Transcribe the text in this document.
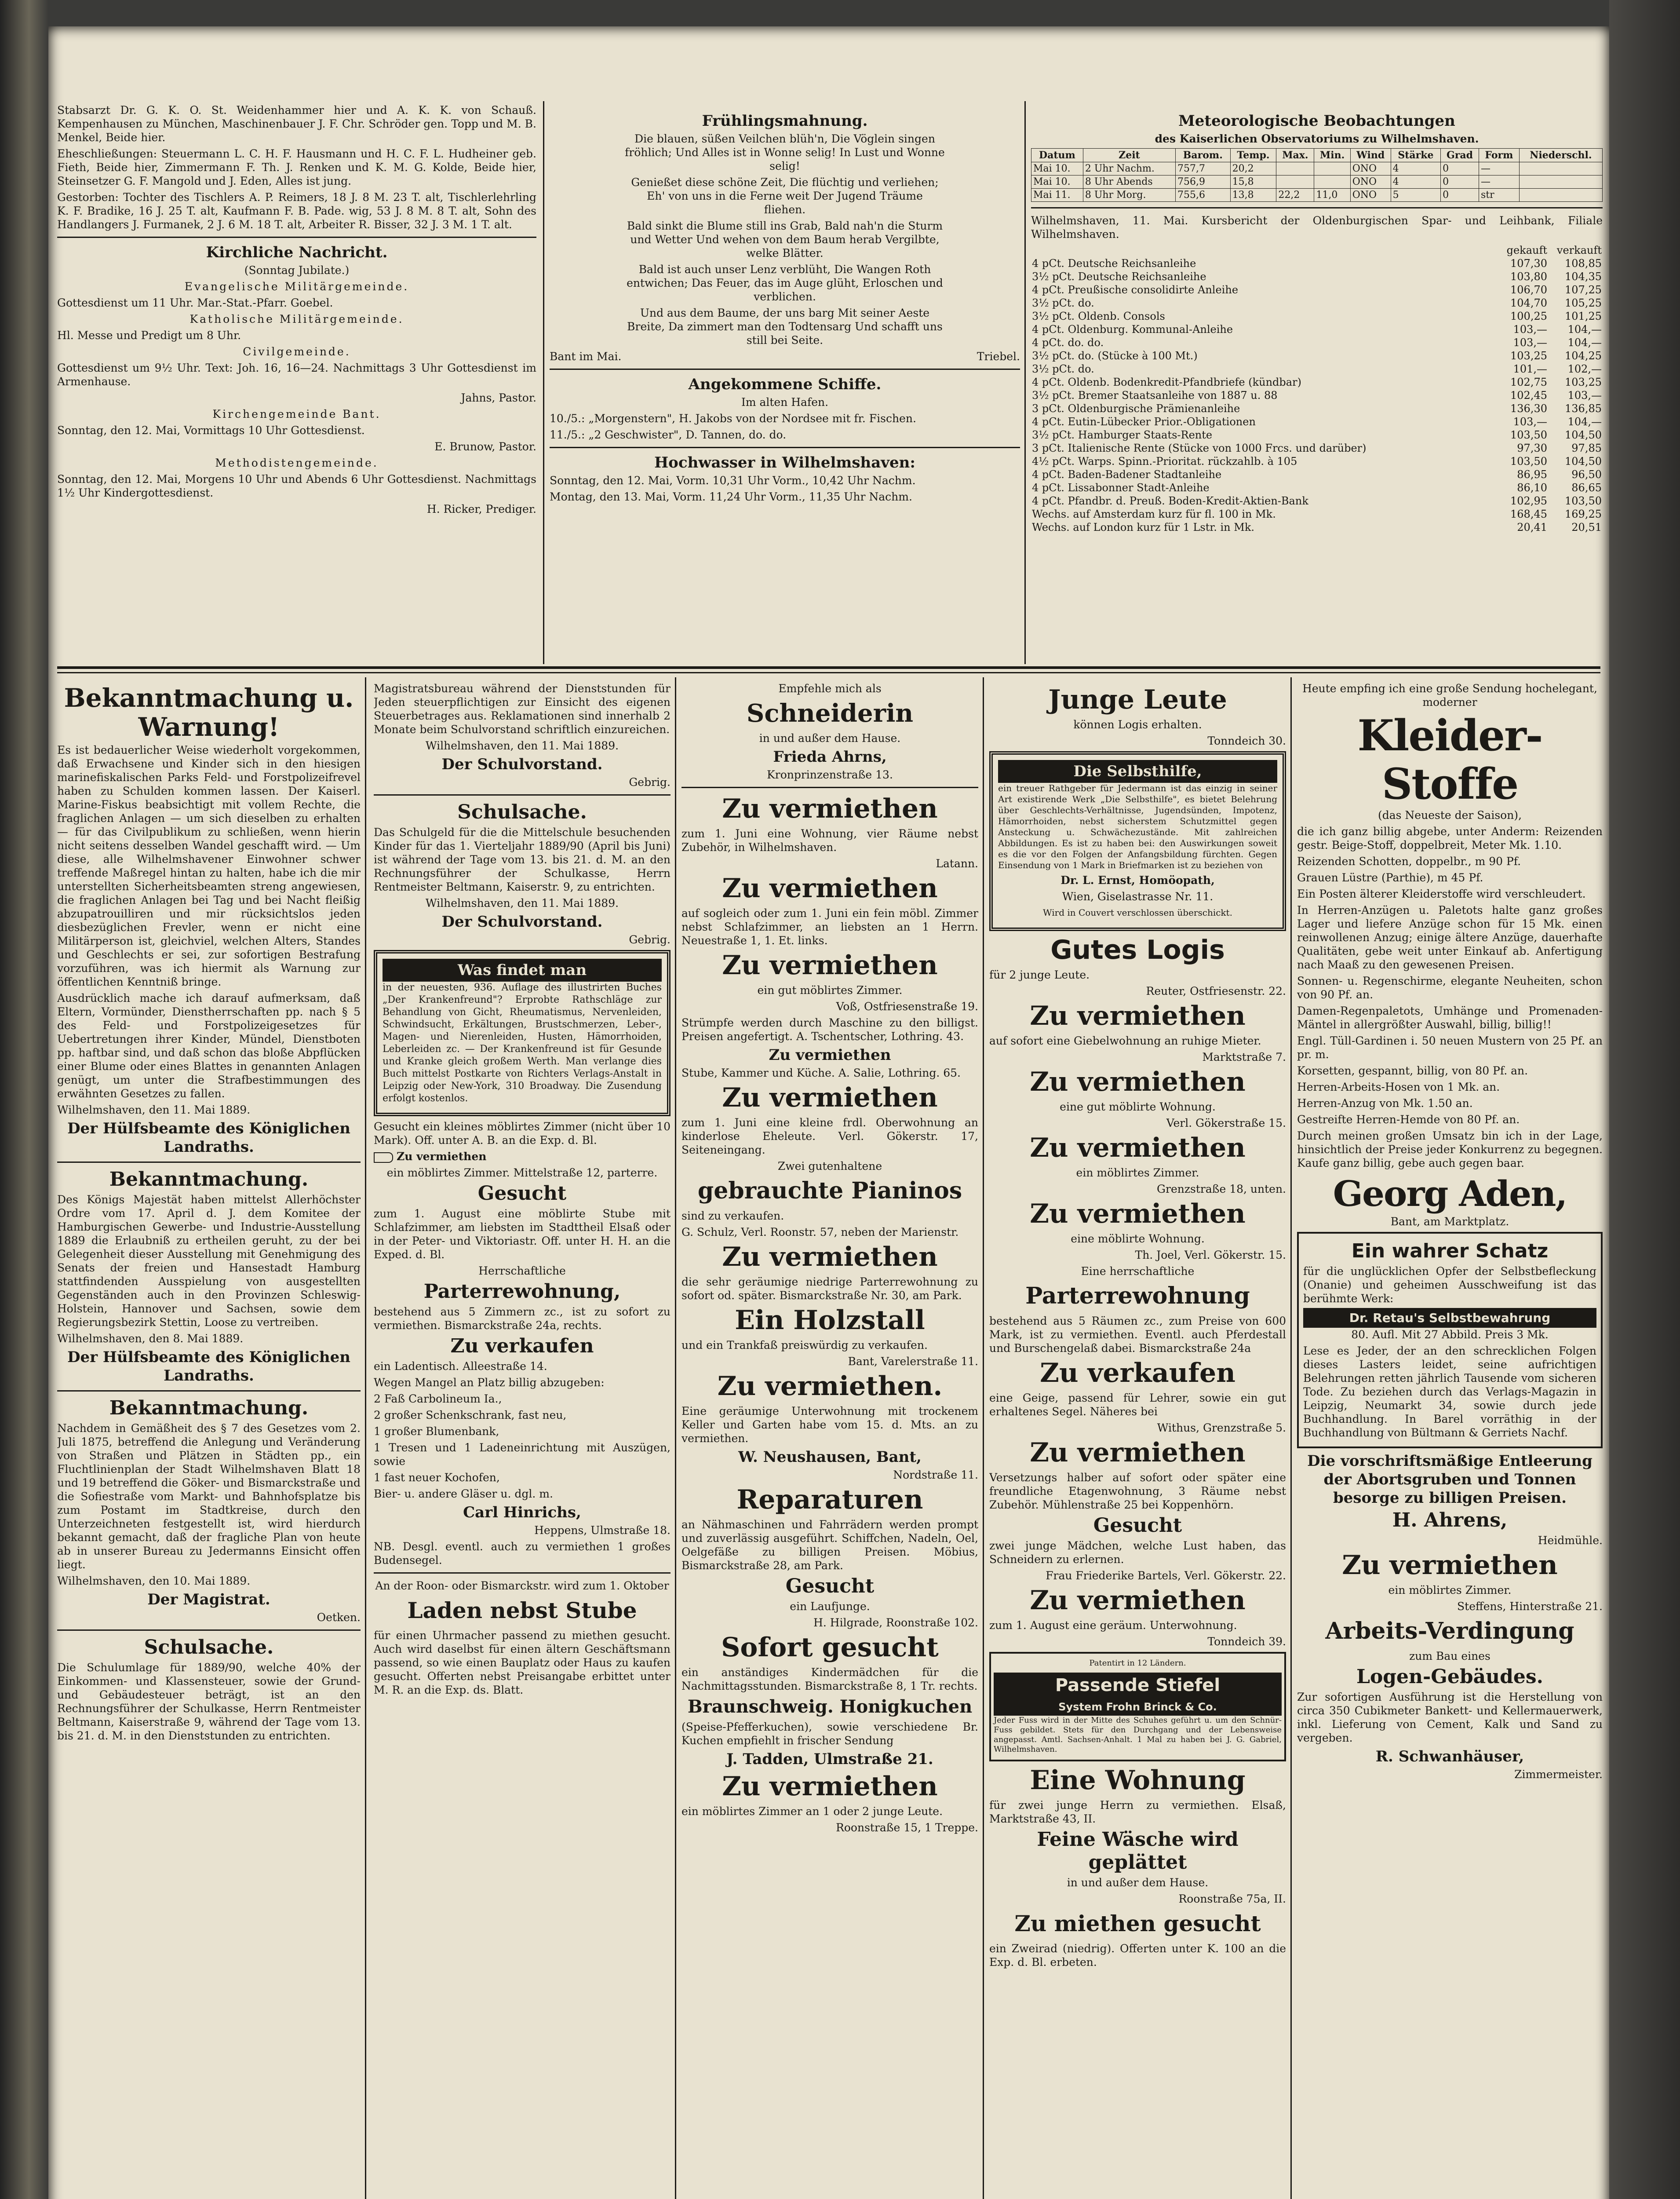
Stabsarzt Dr. G. K. O. St. Weidenhammer hier und A. K. K. von Schauß. Kempenhausen zu München, Maschinenbauer J. F. Chr. Schröder gen. Topp und M. B. Menkel, Beide hier.

Eheschließungen: Steuermann L. C. H. F. Hausmann und H. C. F. L. Hudheiner geb. Fieth, Beide hier, Zimmermann F. Th. J. Renken und K. M. G. Kolde, Beide hier, Steinsetzer G. F. Mangold und J. Eden, Alles ist jung.

Gestorben: Tochter des Tischlers A. P. Reimers, 18 J. 8 M. 23 T. alt, Tischlerlehrling K. F. Bradike, 16 J. 25 T. alt, Kaufmann F. B. Pade. wig, 53 J. 8 M. 8 T. alt, Sohn des Handlangers J. Furmanek, 2 J. 6 M. 18 T. alt, Arbeiter R. Bisser, 32 J. 3 M. 1 T. alt.

Kirchliche Nachricht.
(Sonntag Jubilate.)
Evangelische Militärgemeinde.
Gottesdienst um 11 Uhr. Mar.-Stat.-Pfarr. Goebel.
Katholische Militärgemeinde.
Hl. Messe und Predigt um 8 Uhr.
Civilgemeinde.
Gottesdienst um 9½ Uhr. Text: Joh. 16, 16—24. Nachmittags 3 Uhr Gottesdienst im Armenhause.
Jahns, Pastor.
Kirchengemeinde Bant.
Sonntag, den 12. Mai, Vormittags 10 Uhr Gottesdienst.
E. Brunow, Pastor.
Methodistengemeinde.
Sonntag, den 12. Mai, Morgens 10 Uhr und Abends 6 Uhr Gottesdienst. Nachmittags 1½ Uhr Kindergottesdienst.
H. Ricker, Prediger.
Frühlingsmahnung.

Die blauen, süßen Veilchen blüh'n, Die Vöglein singen fröhlich; Und Alles ist in Wonne selig! In Lust und Wonne selig!

Genießet diese schöne Zeit, Die flüchtig und verliehen; Eh' von uns in die Ferne weit Der Jugend Träume fliehen.

Bald sinkt die Blume still ins Grab, Bald nah'n die Sturm und Wetter Und wehen von dem Baum herab Vergilbte, welke Blätter.

Bald ist auch unser Lenz verblüht, Die Wangen Roth entwichen; Das Feuer, das im Auge glüht, Erloschen und verblichen.

Und aus dem Baume, der uns barg Mit seiner Aeste Breite, Da zimmert man den Todtensarg Und schafft uns still bei Seite.

Bant im Mai.	Triebel.
Angekommene Schiffe.
Im alten Hafen.
10./5.: „Morgenstern", H. Jakobs von der Nordsee mit fr. Fischen.
11./5.: „2 Geschwister", D. Tannen, do. do.
Hochwasser in Wilhelmshaven:
Sonntag, den 12. Mai, Vorm. 10,31 Uhr Vorm., 10,42 Uhr Nachm.
Montag, den 13. Mai, Vorm. 11,24 Uhr Vorm., 11,35 Uhr Nachm.
Meteorologische Beobachtungen
des Kaiserlichen Observatoriums zu Wilhelmshaven.
Datum	Zeit	Barom.	Temp.	Max.	Min.	Wind	Stärke	Grad	Form	Niederschl.
Mai 10.	2 Uhr Nachm.	757,7	20,2			ONO	4	0	—	
Mai 10.	8 Uhr Abends	756,9	15,8			ONO	4	0	—	
Mai 11.	8 Uhr Morg.	755,6	13,8	22,2	11,0	ONO	5	0	str	
Wilhelmshaven, 11. Mai. Kursbericht der Oldenburgischen Spar- und Leihbank, Filiale Wilhelmshaven.
	gekauft	verkauft
4 pCt. Deutsche Reichsanleihe	107,30	108,85
3½ pCt. Deutsche Reichsanleihe	103,80	104,35
4 pCt. Preußische consolidirte Anleihe	106,70	107,25
3½ pCt. do.	104,70	105,25
3½ pCt. Oldenb. Consols	100,25	101,25
4 pCt. Oldenburg. Kommunal-Anleihe	103,—	104,—
4 pCt. do. do.	103,—	104,—
3½ pCt. do. (Stücke à 100 Mt.)	103,25	104,25
3½ pCt. do.	101,—	102,—
4 pCt. Oldenb. Bodenkredit-Pfandbriefe (kündbar)	102,75	103,25
3½ pCt. Bremer Staatsanleihe von 1887 u. 88	102,45	103,—
3 pCt. Oldenburgische Prämienanleihe	136,30	136,85
4 pCt. Eutin-Lübecker Prior.-Obligationen	103,—	104,—
3½ pCt. Hamburger Staats-Rente	103,50	104,50
3 pCt. Italienische Rente (Stücke von 1000 Frcs. und darüber)	97,30	97,85
4½ pCt. Warps. Spinn.-Prioritat. rückzahlb. à 105	103,50	104,50
4 pCt. Baden-Badener Stadtanleihe	86,95	96,50
4 pCt. Lissabonner Stadt-Anleihe	86,10	86,65
4 pCt. Pfandbr. d. Preuß. Boden-Kredit-Aktien-Bank	102,95	103,50
Wechs. auf Amsterdam kurz für fl. 100 in Mk.	168,45	169,25
Wechs. auf London kurz für 1 Lstr. in Mk.	20,41	20,51
Bekanntmachung u. Warnung!

Es ist bedauerlicher Weise wiederholt vorgekommen, daß Erwachsene und Kinder sich in den hiesigen marinefiskalischen Parks Feld- und Forstpolizeifrevel haben zu Schulden kommen lassen. Der Kaiserl. Marine-Fiskus beabsichtigt mit vollem Rechte, die fraglichen Anlagen — um sich dieselben zu erhalten — für das Civilpublikum zu schließen, wenn hierin nicht seitens desselben Wandel geschafft wird. — Um diese, alle Wilhelmshavener Einwohner schwer treffende Maßregel hintan zu halten, habe ich die mir unterstellten Sicherheitsbeamten streng angewiesen, die fraglichen Anlagen bei Tag und bei Nacht fleißig abzupatrouilliren und mir rücksichtslos jeden diesbezüglichen Frevler, wenn er nicht eine Militärperson ist, gleichviel, welchen Alters, Standes und Geschlechts er sei, zur sofortigen Bestrafung vorzuführen, was ich hiermit als Warnung zur öffentlichen Kenntniß bringe.

Ausdrücklich mache ich darauf aufmerksam, daß Eltern, Vormünder, Dienstherrschaften pp. nach § 5 des Feld- und Forstpolizeigesetzes für Uebertretungen ihrer Kinder, Mündel, Dienstboten pp. haftbar sind, und daß schon das bloße Abpflücken einer Blume oder eines Blattes in genannten Anlagen genügt, um unter die Strafbestimmungen des erwähnten Gesetzes zu fallen.

Wilhelmshaven, den 11. Mai 1889.
Der Hülfsbeamte des Königlichen Landraths.
Bekanntmachung.

Des Königs Majestät haben mittelst Allerhöchster Ordre vom 17. April d. J. dem Komitee der Hamburgischen Gewerbe- und Industrie-Ausstellung 1889 die Erlaubniß zu ertheilen geruht, zu der bei Gelegenheit dieser Ausstellung mit Genehmigung des Senats der freien und Hansestadt Hamburg stattfindenden Ausspielung von ausgestellten Gegenständen auch in den Provinzen Schleswig-Holstein, Hannover und Sachsen, sowie dem Regierungsbezirk Stettin, Loose zu vertreiben.

Wilhelmshaven, den 8. Mai 1889.
Der Hülfsbeamte des Königlichen Landraths.
Bekanntmachung.

Nachdem in Gemäßheit des § 7 des Gesetzes vom 2. Juli 1875, betreffend die Anlegung und Veränderung von Straßen und Plätzen in Städten pp., ein Fluchtlinienplan der Stadt Wilhelmshaven Blatt 18 und 19 betreffend die Göker- und Bismarckstraße und die Sofiestraße vom Markt- und Bahnhofsplatze bis zum Postamt im Stadtkreise, durch den Unterzeichneten festgestellt ist, wird hierdurch bekannt gemacht, daß der fragliche Plan von heute ab in unserer Bureau zu Jedermanns Einsicht offen liegt.

Wilhelmshaven, den 10. Mai 1889.
Der Magistrat.
Oetken.
Schulsache.

Die Schulumlage für 1889/90, welche 40% der Einkommen- und Klassensteuer, sowie der Grund- und Gebäudesteuer beträgt, ist an den Rechnungsführer der Schulkasse, Herrn Rentmeister Beltmann, Kaiserstraße 9, während der Tage vom 13. bis 21. d. M. in den Dienststunden zu entrichten.

Magistratsbureau während der Dienststunden für Jeden steuerpflichtigen zur Einsicht des eigenen Steuerbetrages aus. Reklamationen sind innerhalb 2 Monate beim Schulvorstand schriftlich einzureichen.

Wilhelmshaven, den 11. Mai 1889.
Der Schulvorstand.
Gebrig.
Schulsache.

Das Schulgeld für die die Mittelschule besuchenden Kinder für das 1. Vierteljahr 1889/90 (April bis Juni) ist während der Tage vom 13. bis 21. d. M. an den Rechnungsführer der Schulkasse, Herrn Rentmeister Beltmann, Kaiserstr. 9, zu entrichten.

Wilhelmshaven, den 11. Mai 1889.
Der Schulvorstand.
Gebrig.
Was findet man

in der neuesten, 936. Auflage des illustrirten Buches „Der Krankenfreund"? Erprobte Rathschläge zur Behandlung von Gicht, Rheumatismus, Nervenleiden, Schwindsucht, Erkältungen, Brustschmerzen, Leber-, Magen- und Nierenleiden, Husten, Hämorrhoiden, Leberleiden zc. — Der Krankenfreund ist für Gesunde und Kranke gleich großem Werth. Man verlange dies Buch mittelst Postkarte von Richters Verlags-Anstalt in Leipzig oder New-York, 310 Broadway. Die Zusendung erfolgt kostenlos.

Gesucht ein kleines möblirtes Zimmer (nicht über 10 Mark). Off. unter A. B. an die Exp. d. Bl.

Zu vermiethen

ein möblirtes Zimmer. Mittelstraße 12, parterre.

Gesucht

zum 1. August eine möblirte Stube mit Schlafzimmer, am liebsten im Stadttheil Elsaß oder in der Peter- und Viktoriastr. Off. unter H. H. an die Exped. d. Bl.

Herrschaftliche
Parterrewohnung,

bestehend aus 5 Zimmern zc., ist zu sofort zu vermiethen. Bismarckstraße 24a, rechts.

Zu verkaufen

ein Ladentisch. Alleestraße 14.

Wegen Mangel an Platz billig abzugeben:

2 Faß Carbolineum Ia.,
2 großer Schenkschrank, fast neu,
1 großer Blumenbank,
1 Tresen und 1 Ladeneinrichtung mit Auszügen, sowie
1 fast neuer Kochofen,
Bier- u. andere Gläser u. dgl. m.
Carl Hinrichs,
Heppens, Ulmstraße 18.

NB. Desgl. eventl. auch zu vermiethen 1 großes Budensegel.

An der Roon- oder Bismarckstr. wird zum 1. Oktober

Laden nebst Stube

für einen Uhrmacher passend zu miethen gesucht. Auch wird daselbst für einen ältern Geschäftsmann passend, so wie einen Bauplatz oder Haus zu kaufen gesucht. Offerten nebst Preisangabe erbittet unter M. R. an die Exp. ds. Blatt.

Empfehle mich als
Schneiderin
in und außer dem Hause.
Frieda Ahrns,
Kronprinzenstraße 13.
Zu vermiethen

zum 1. Juni eine Wohnung, vier Räume nebst Zubehör, in Wilhelmshaven.

Latann.
Zu vermiethen

auf sogleich oder zum 1. Juni ein fein möbl. Zimmer nebst Schlafzimmer, an liebsten an 1 Herrn. Neuestraße 1, 1. Et. links.

Zu vermiethen

ein gut möblirtes Zimmer.

Voß, Ostfriesenstraße 19.

Strümpfe werden durch Maschine zu den billigst. Preisen angefertigt. A. Tschentscher, Lothring. 43.

Zu vermiethen

Stube, Kammer und Küche. A. Salie, Lothring. 65.

Zu vermiethen

zum 1. Juni eine kleine frdl. Oberwohnung an kinderlose Eheleute. Verl. Gökerstr. 17, Seiteneingang.

Zwei gutenhaltene
gebrauchte Pianinos

sind zu verkaufen.

G. Schulz, Verl. Roonstr. 57, neben der Marienstr.

Zu vermiethen

die sehr geräumige niedrige Parterrewohnung zu sofort od. später. Bismarckstraße Nr. 30, am Park.

Ein Holzstall

und ein Trankfaß preiswürdig zu verkaufen.

Bant, Varelerstraße 11.
Zu vermiethen.

Eine geräumige Unterwohnung mit trockenem Keller und Garten habe vom 15. d. Mts. an zu vermiethen.

W. Neushausen, Bant,
Nordstraße 11.
Reparaturen

an Nähmaschinen und Fahrrädern werden prompt und zuverlässig ausgeführt. Schiffchen, Nadeln, Oel, Oelgefäße zu billigen Preisen. Möbius, Bismarckstraße 28, am Park.

Gesucht
ein Laufjunge.
H. Hilgrade, Roonstraße 102.
Sofort gesucht

ein anständiges Kindermädchen für die Nachmittagsstunden. Bismarckstraße 8, 1 Tr. rechts.

Braunschweig. Honigkuchen

(Speise-Pfefferkuchen), sowie verschiedene Br. Kuchen empfiehlt in frischer Sendung

J. Tadden, Ulmstraße 21.
Zu vermiethen

ein möblirtes Zimmer an 1 oder 2 junge Leute.

Roonstraße 15, 1 Treppe.
Junge Leute
können Logis erhalten.
Tonndeich 30.
Die Selbsthilfe,

ein treuer Rathgeber für Jedermann ist das einzig in seiner Art existirende Werk „Die Selbsthilfe", es bietet Belehrung über Geschlechts-Verhältnisse, Jugendsünden, Impotenz, Hämorrhoiden, nebst sicherstem Schutzmittel gegen Ansteckung u. Schwächezustände. Mit zahlreichen Abbildungen. Es ist zu haben bei: den Auswirkungen soweit es die vor den Folgen der Anfangsbildung fürchten. Gegen Einsendung von 1 Mark in Briefmarken ist zu beziehen von

Dr. L. Ernst, Homöopath,
Wien, Giselastrasse Nr. 11.
Wird in Couvert verschlossen überschickt.
Gutes Logis
für 2 junge Leute.
Reuter, Ostfriesenstr. 22.
Zu vermiethen

auf sofort eine Giebelwohnung an ruhige Mieter.

Marktstraße 7.
Zu vermiethen
eine gut möblirte Wohnung.
Verl. Gökerstraße 15.
Zu vermiethen
ein möblirtes Zimmer.
Grenzstraße 18, unten.
Zu vermiethen
eine möblirte Wohnung.
Th. Joel, Verl. Gökerstr. 15.
Eine herrschaftliche
Parterrewohnung

bestehend aus 5 Räumen zc., zum Preise von 600 Mark, ist zu vermiethen. Eventl. auch Pferdestall und Burschengelaß dabei. Bismarckstraße 24a

Zu verkaufen

eine Geige, passend für Lehrer, sowie ein gut erhaltenes Segel. Näheres bei

Withus, Grenzstraße 5.
Zu vermiethen

Versetzungs halber auf sofort oder später eine freundliche Etagenwohnung, 3 Räume nebst Zubehör. Mühlenstraße 25 bei Koppenhörn.

Gesucht

zwei junge Mädchen, welche Lust haben, das Schneidern zu erlernen.

Frau Friederike Bartels, Verl. Gökerstr. 22.
Zu vermiethen

zum 1. August eine geräum. Unterwohnung.

Tonndeich 39.
Patentirt in 12 Ländern.
Passende Stiefel
System Frohn Brinck & Co.

Jeder Fuss wird in der Mitte des Schuhes geführt u. um den Schnür-Fuss gebildet. Stets für den Durchgang und der Lebensweise angepasst. Amtl. Sachsen-Anhalt. 1 Mal zu haben bei J. G. Gabriel, Wilhelmshaven.

Eine Wohnung

für zwei junge Herrn zu vermiethen. Elsaß, Marktstraße 43, II.

Feine Wäsche wird geplättet
in und außer dem Hause.
Roonstraße 75a, II.
Zu miethen gesucht

ein Zweirad (niedrig). Offerten unter K. 100 an die Exp. d. Bl. erbeten.

Heute empfing ich eine große Sendung hochelegant, moderner

Kleider-Stoffe
(das Neueste der Saison),

die ich ganz billig abgebe, unter Anderm: Reizenden gestr. Beige-Stoff, doppelbreit, Meter Mk. 1.10.

Reizenden Schotten, doppelbr., m 90 Pf.

Grauen Lüstre (Parthie), m 45 Pf.

Ein Posten älterer Kleiderstoffe wird verschleudert.

In Herren-Anzügen u. Paletots halte ganz großes Lager und liefere Anzüge schon für 15 Mk. einen reinwollenen Anzug; einige ältere Anzüge, dauerhafte Qualitäten, gebe weit unter Einkauf ab. Anfertigung nach Maaß zu den gewesenen Preisen.

Sonnen- u. Regenschirme, elegante Neuheiten, schon von 90 Pf. an.

Damen-Regenpaletots, Umhänge und Promenaden-Mäntel in allergrößter Auswahl, billig, billig!!

Engl. Tüll-Gardinen i. 50 neuen Mustern von 25 Pf. an pr. m.

Korsetten, gespannt, billig, von 80 Pf. an.

Herren-Arbeits-Hosen von 1 Mk. an.

Herren-Anzug von Mk. 1.50 an.

Gestreifte Herren-Hemde von 80 Pf. an.

Durch meinen großen Umsatz bin ich in der Lage, hinsichtlich der Preise jeder Konkurrenz zu begegnen. Kaufe ganz billig, gebe auch gegen baar.

Georg Aden,
Bant, am Marktplatz.
Ein wahrer Schatz

für die unglücklichen Opfer der Selbstbefleckung (Onanie) und geheimen Ausschweifung ist das berühmte Werk:

Dr. Retau's Selbstbewahrung
80. Aufl. Mit 27 Abbild. Preis 3 Mk.

Lese es Jeder, der an den schrecklichen Folgen dieses Lasters leidet, seine aufrichtigen Belehrungen retten jährlich Tausende vom sicheren Tode. Zu beziehen durch das Verlags-Magazin in Leipzig, Neumarkt 34, sowie durch jede Buchhandlung. In Barel vorräthig in der Buchhandlung von Bültmann & Gerriets Nachf.

Die vorschriftsmäßige Entleerung der Abortsgruben und Tonnen besorge zu billigen Preisen.
H. Ahrens,
Heidmühle.
Zu vermiethen
ein möblirtes Zimmer.
Steffens, Hinterstraße 21.
Arbeits-Verdingung
zum Bau eines
Logen-Gebäudes.

Zur sofortigen Ausführung ist die Herstellung von circa 350 Cubikmeter Bankett- und Kellermauerwerk, inkl. Lieferung von Cement, Kalk und Sand zu vergeben.

R. Schwanhäuser,
Zimmermeister.
